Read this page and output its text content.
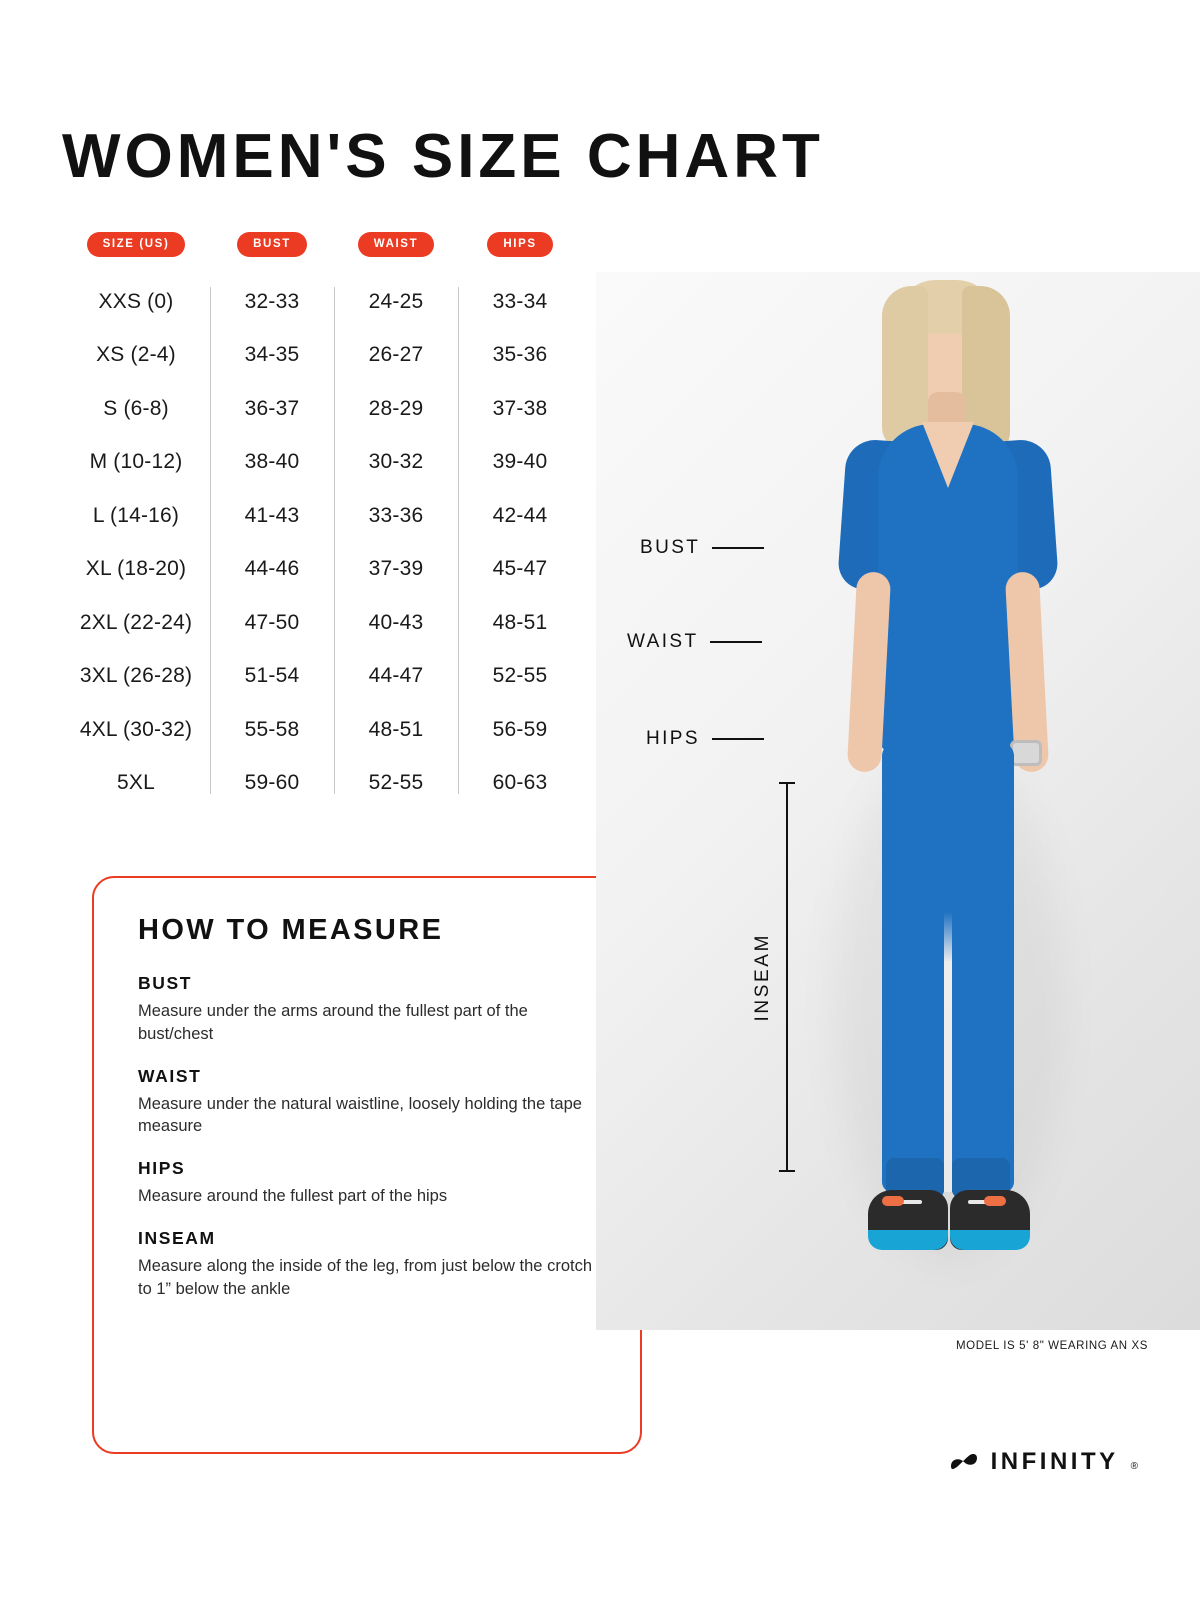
WOMEN'S SIZE CHART
SIZE (US)	BUST	WAIST	HIPS
XXS (0)	32-33	24-25	33-34
XS (2-4)	34-35	26-27	35-36
S (6-8)	36-37	28-29	37-38
M (10-12)	38-40	30-32	39-40
L (14-16)	41-43	33-36	42-44
XL (18-20)	44-46	37-39	45-47
2XL (22-24)	47-50	40-43	48-51
3XL (26-28)	51-54	44-47	52-55
4XL (30-32)	55-58	48-51	56-59
5XL	59-60	52-55	60-63
HOW TO MEASURE
BUST

Measure under the arms around the fullest part of the bust/chest

WAIST

Measure under the natural waistline, loosely holding the tape measure

HIPS

Measure around the fullest part of the hips

INSEAM

Measure along the inside of the leg, from just below the crotch to 1” below the ankle

BUST
WAIST
HIPS
INSEAM
MODEL IS 5' 8" WEARING AN XS
INFINITY ®
